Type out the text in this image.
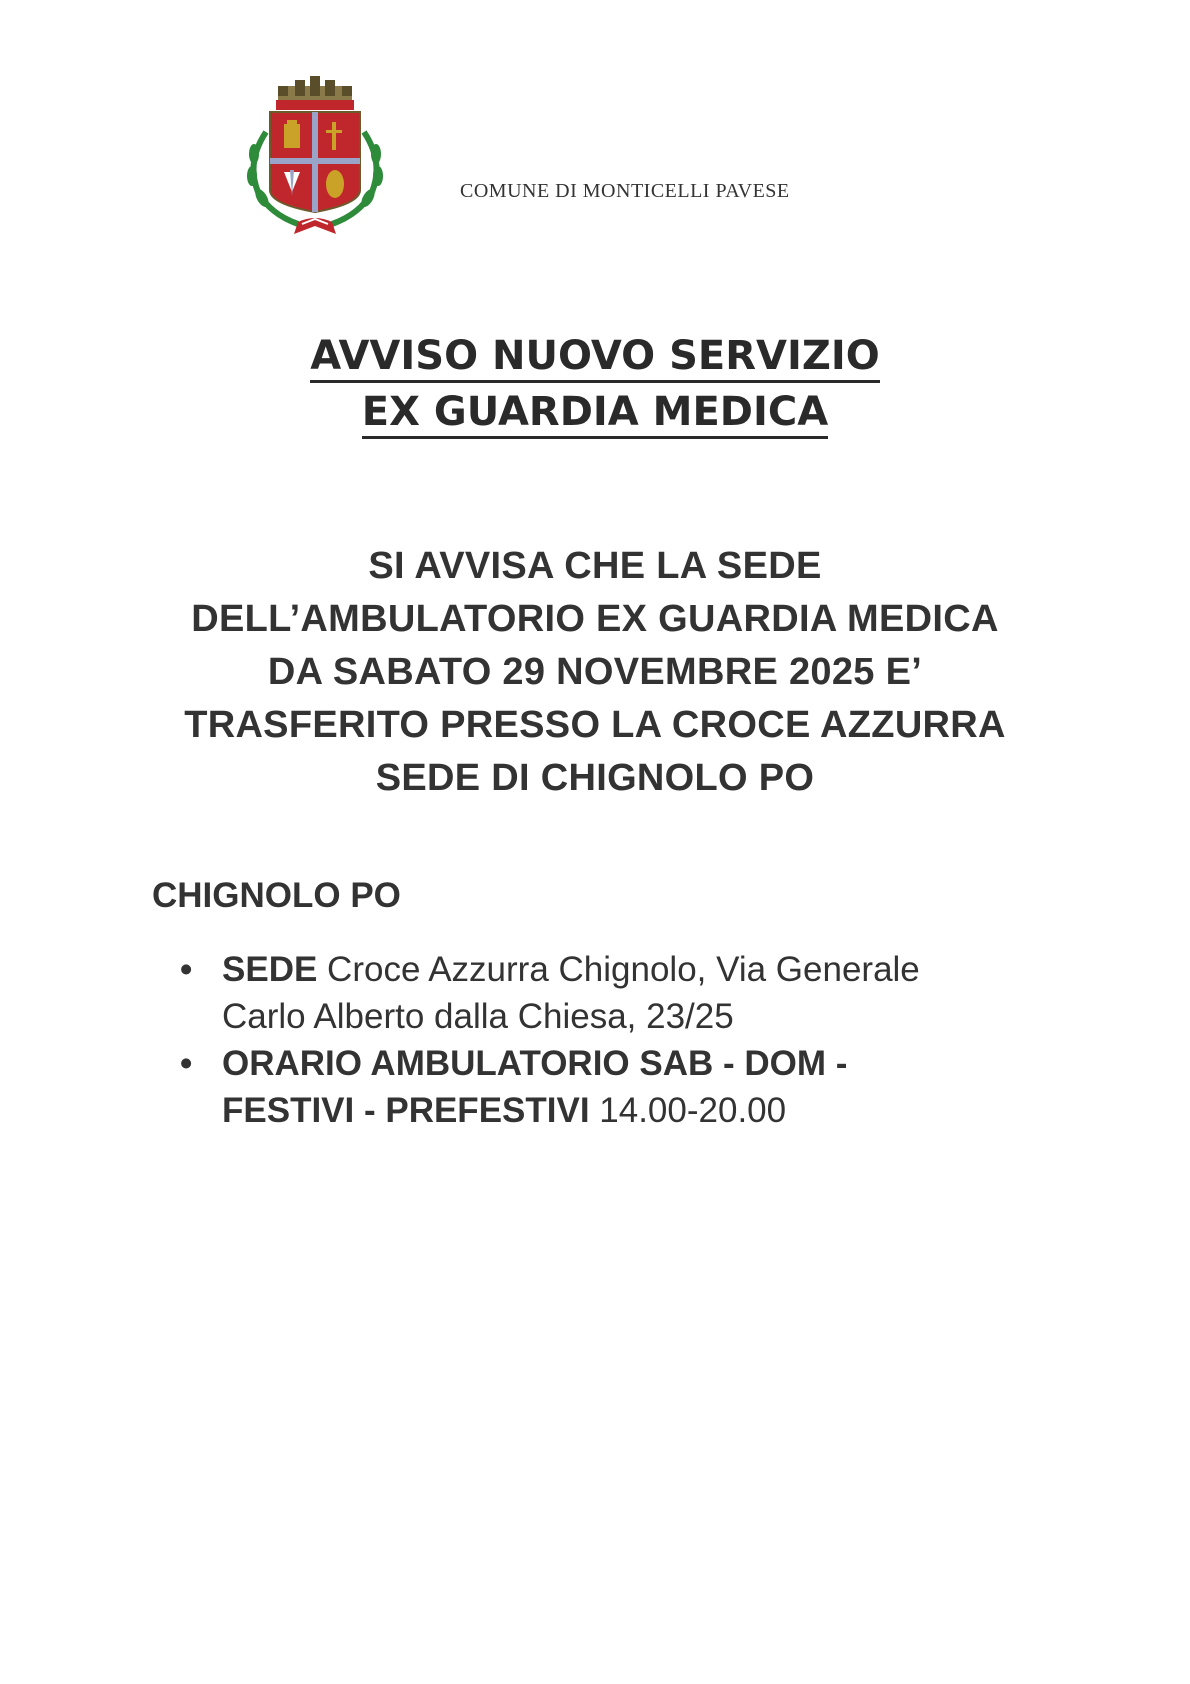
COMUNE DI MONTICELLI PAVESE
AVVISO NUOVO SERVIZIO
EX GUARDIA MEDICA
SI AVVISA CHE LA SEDE
DELL’AMBULATORIO EX GUARDIA MEDICA
DA SABATO 29 NOVEMBRE 2025 E’
TRASFERITO PRESSO LA CROCE AZZURRA
SEDE DI CHIGNOLO PO
CHIGNOLO PO
• SEDE Croce Azzurra Chignolo, Via Generale
Carlo Alberto dalla Chiesa, 23/25
• ORARIO AMBULATORIO SAB - DOM -
FESTIVI - PREFESTIVI 14.00-20.00
